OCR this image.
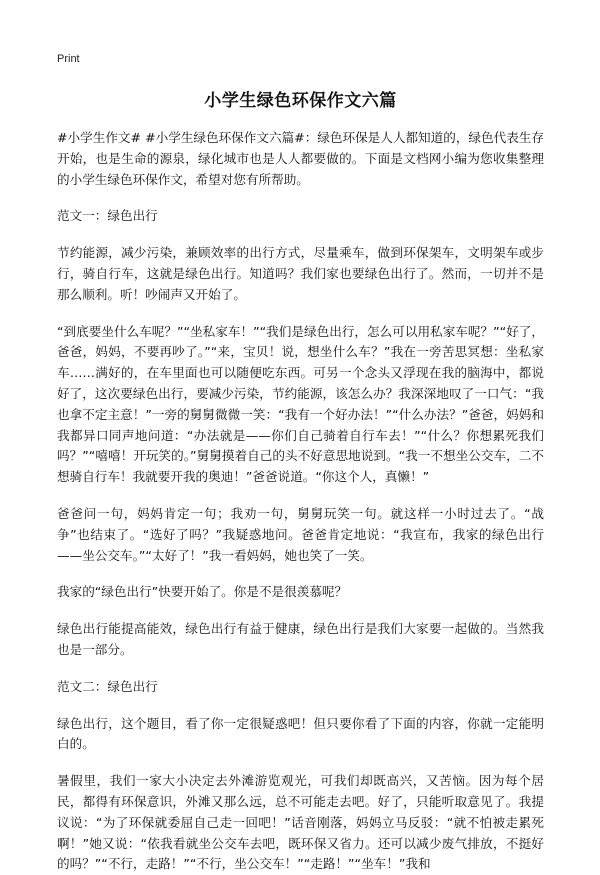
Print
小学生绿色环保作文六篇

#小学生作文# #小学生绿色环保作文六篇#：绿色环保是人人都知道的，绿色代表生存开始，也是生命的源泉，绿化城市也是人人都要做的。下面是文档网小编为您收集整理的小学生绿色环保作文，希望对您有所帮助。

范文一：绿色出行

节约能源，减少污染，兼顾效率的出行方式，尽量乘车，做到环保架车，文明架车或步行，骑自行车，这就是绿色出行。知道吗？我们家也要绿色出行了。然而，一切并不是那么顺利。听！吵闹声又开始了。

“到底要坐什么车呢？”“坐私家车！”“我们是绿色出行，怎么可以用私家车呢？”“好了，爸爸，妈妈，不要再吵了。”“来，宝贝！说，想坐什么车？”我在一旁苦思冥想：坐私家车……满好的，在车里面也可以随便吃东西。可另一个念头又浮现在我的脑海中，都说好了，这次要绿色出行，要减少污染，节约能源，该怎么办？我深深地叹了一口气：“我也拿不定主意！”一旁的舅舅微微一笑：“我有一个好办法！”“什么办法？”爸爸，妈妈和我都异口同声地问道：“办法就是——你们自己骑着自行车去！”“什么？你想累死我们吗？”“嘻嘻！开玩笑的。”舅舅摸着自己的头不好意思地说到。“我一不想坐公交车，二不想骑自行车！我就要开我的奥迪！”爸爸说道。“你这个人，真懒！”

爸爸问一句，妈妈肯定一句；我劝一句，舅舅玩笑一句。就这样一小时过去了。“战争”也结束了。“选好了吗？”我疑惑地问。爸爸肯定地说：“我宣布，我家的绿色出行——坐公交车。”“太好了！”我一看妈妈，她也笑了一笑。

我家的“绿色出行”快要开始了。你是不是很羡慕呢？

绿色出行能提高能效，绿色出行有益于健康，绿色出行是我们大家要一起做的。当然我也是一部分。

范文二：绿色出行

绿色出行，这个题目，看了你一定很疑惑吧！但只要你看了下面的内容，你就一定能明白的。

暑假里，我们一家大小决定去外滩游览观光，可我们却既高兴，又苦恼。因为每个居民，都得有环保意识，外滩又那么远，总不可能走去吧。好了，只能听取意见了。我提议说：“为了环保就委屈自己走一回吧！”话音刚落，妈妈立马反驳：“就不怕被走累死啊！”她又说：“依我看就坐公交车去吧，既环保又省力。还可以减少废气排放，不挺好的吗？”“不行，走路！”“不行，坐公交车！”“走路！”“坐车！”我和
